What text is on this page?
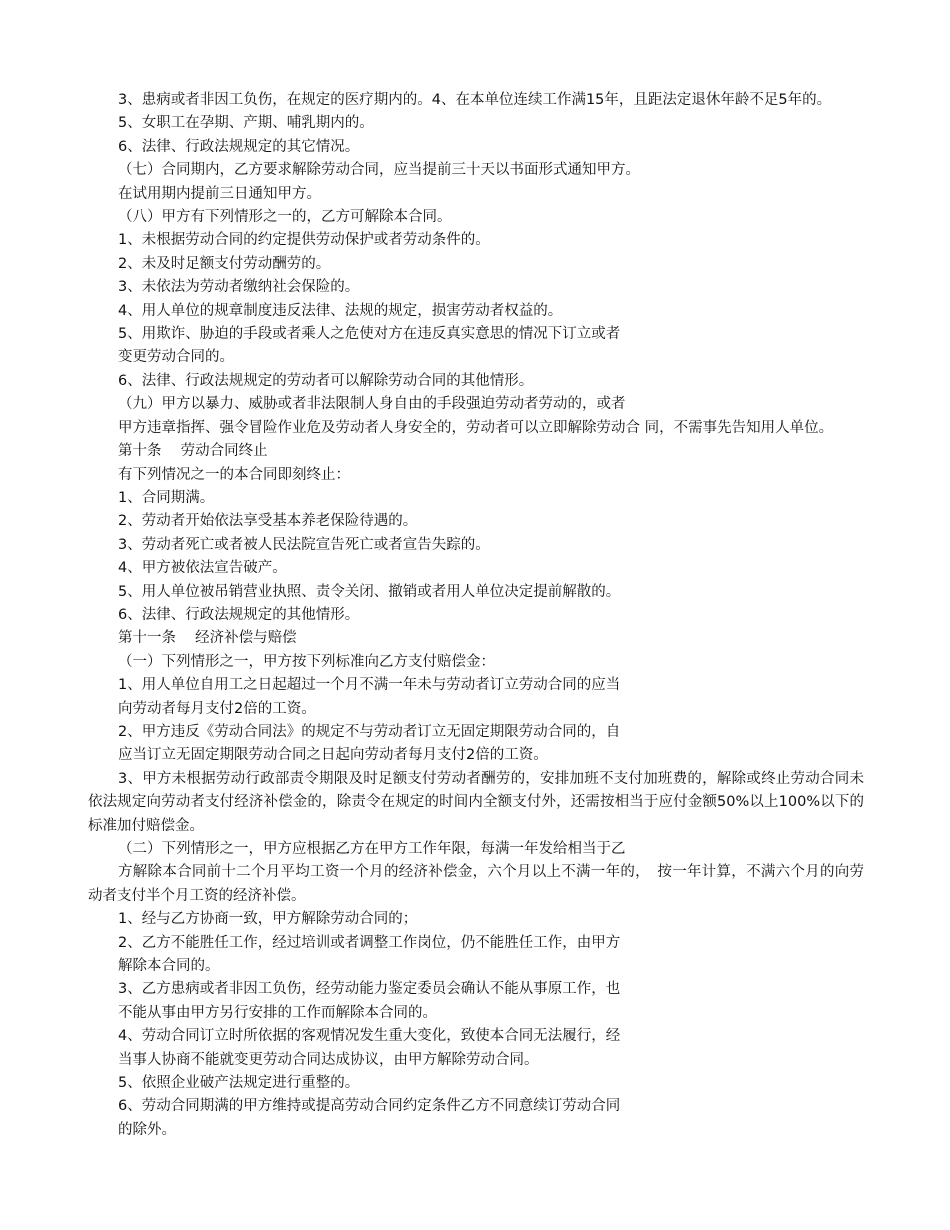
3、患病或者非因工负伤，在规定的医疗期内的。4、在本单位连续工作满15年，且距法定退休年龄不足5年的。

5、女职工在孕期、产期、哺乳期内的。

6、法律、行政法规规定的其它情况。

（七）合同期内，乙方要求解除劳动合同，应当提前三十天以书面形式通知甲方。

在试用期内提前三日通知甲方。

（八）甲方有下列情形之一的，乙方可解除本合同。

1、未根据劳动合同的约定提供劳动保护或者劳动条件的。

2、未及时足额支付劳动酬劳的。

3、未依法为劳动者缴纳社会保险的。

4、用人单位的规章制度违反法律、法规的规定，损害劳动者权益的。

5、用欺诈、胁迫的手段或者乘人之危使对方在违反真实意思的情况下订立或者

变更劳动合同的。

6、法律、行政法规规定的劳动者可以解除劳动合同的其他情形。

（九）甲方以暴力、威胁或者非法限制人身自由的手段强迫劳动者劳动的，或者

甲方违章指挥、强令冒险作业危及劳动者人身安全的，劳动者可以立即解除劳动合 同，不需事先告知用人单位。

第十条　 劳动合同终止

有下列情况之一的本合同即刻终止：

1、合同期满。

2、劳动者开始依法享受基本养老保险待遇的。

3、劳动者死亡或者被人民法院宣告死亡或者宣告失踪的。

4、甲方被依法宣告破产。

5、用人单位被吊销营业执照、责令关闭、撤销或者用人单位决定提前解散的。

6、法律、行政法规规定的其他情形。

第十一条　 经济补偿与赔偿

（一）下列情形之一，甲方按下列标准向乙方支付赔偿金：

1、用人单位自用工之日起超过一个月不满一年未与劳动者订立劳动合同的应当

向劳动者每月支付2倍的工资。

2、甲方违反《劳动合同法》的规定不与劳动者订立无固定期限劳动合同的，自

应当订立无固定期限劳动合同之日起向劳动者每月支付2倍的工资。

3、甲方未根据劳动行政部责令期限及时足额支付劳动者酬劳的，安排加班不支付加班费的，解除或终止劳动合同未依法规定向劳动者支付经济补偿金的，除责令在规定的时间内全额支付外，还需按相当于应付金额50%以上100%以下的标准加付赔偿金。

（二）下列情形之一，甲方应根据乙方在甲方工作年限，每满一年发给相当于乙

方解除本合同前十二个月平均工资一个月的经济补偿金，六个月以上不满一年的，　按一年计算，不满六个月的向劳动者支付半个月工资的经济补偿。

1、经与乙方协商一致，甲方解除劳动合同的；

2、乙方不能胜任工作，经过培训或者调整工作岗位，仍不能胜任工作，由甲方

解除本合同的。

3、乙方患病或者非因工负伤，经劳动能力鉴定委员会确认不能从事原工作，也

不能从事由甲方另行安排的工作而解除本合同的。

4、劳动合同订立时所依据的客观情况发生重大变化，致使本合同无法履行，经

当事人协商不能就变更劳动合同达成协议，由甲方解除劳动合同。

5、依照企业破产法规定进行重整的。

6、劳动合同期满的甲方维持或提高劳动合同约定条件乙方不同意续订劳动合同

的除外。
